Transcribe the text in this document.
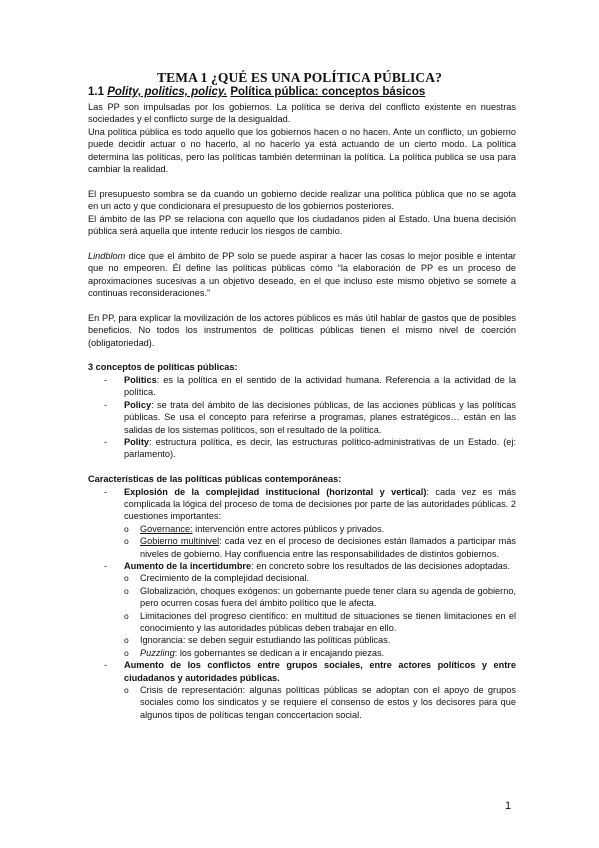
TEMA 1 ¿QUÉ ES UNA POLÍTICA PÚBLICA?
1.1 Polity, politics, policy. Política pública: conceptos básicos

Las PP son impulsadas por los gobiernos. La política se deriva del conflicto existente en nuestras sociedades y el conflicto surge de la desigualdad.

Una política pública es todo aquello que los gobiernos hacen o no hacen. Ante un conflicto, un gobierno puede decidir actuar o no hacerlo, al no hacerlo ya está actuando de un cierto modo. La política determina las políticas, pero las políticas también determinan la política. La política publica se usa para cambiar la realidad.

El presupuesto sombra se da cuando un gobierno decide realizar una política pública que no se agota en un acto y que condicionara el presupuesto de los gobiernos posteriores.

El ámbito de las PP se relaciona con aquello que los ciudadanos piden al Estado. Una buena decisión pública será aquella que intente reducir los riesgos de cambio.

Lindblom dice que el ámbito de PP solo se puede aspirar a hacer las cosas lo mejor posible e intentar que no empeoren. Él define las políticas públicas cómo “la elaboración de PP es un proceso de aproximaciones sucesivas a un objetivo deseado, en el que incluso este mismo objetivo se somete a continuas reconsideraciones.”

En PP, para explicar la movilización de los actores públicos es más útil hablar de gastos que de posibles beneficios. No todos los instrumentos de políticas públicas tienen el mismo nivel de coerción (obligatoriedad).

3 conceptos de políticas públicas:

- Politics: es la política en el sentido de la actividad humana. Referencia a la actividad de la política.
- Policy: se trata del ámbito de las decisiones públicas, de las acciones públicas y las políticas públicas. Se usa el concepto para referirse a programas, planes estratégicos… están en las salidas de los sistemas políticos, son el resultado de la política.
- Polity: estructura política, es decir, las estructuras político-administrativas de un Estado. (ej: parlamento).

Características de las políticas públicas contemporáneas:

- Explosión de la complejidad institucional (horizontal y vertical): cada vez es más complicada la lógica del proceso de toma de decisiones por parte de las autoridades públicas. 2 cuestiones importantes:
o Governance: intervención entre actores públicos y privados.
o Gobierno multinivel: cada vez en el proceso de decisiones están llamados a participar más niveles de gobierno. Hay confluencia entre las responsabilidades de distintos gobiernos.
- Aumento de la incertidumbre: en concreto sobre los resultados de las decisiones adoptadas.
o Crecimiento de la complejidad decisional.
o Globalización, choques exógenos: un gobernante puede tener clara su agenda de gobierno, pero ocurren cosas fuera del ámbito político que le afecta.
o Limitaciones del progreso científico: en multitud de situaciones se tienen limitaciones en el conocimiento y las autoridades públicas deben trabajar en ello.
o Ignorancia: se deben seguir estudiando las políticas públicas.
o Puzzling: los gobernantes se dedican a ir encajando piezas.
- Aumento de los conflictos entre grupos sociales, entre actores políticos y entre ciudadanos y autoridades públicas.
o Crisis de representación: algunas políticas públicas se adoptan con el apoyo de grupos sociales como los sindicatos y se requiere el consenso de estos y los decisores para que algunos tipos de políticas tengan conccertacion social.
1
